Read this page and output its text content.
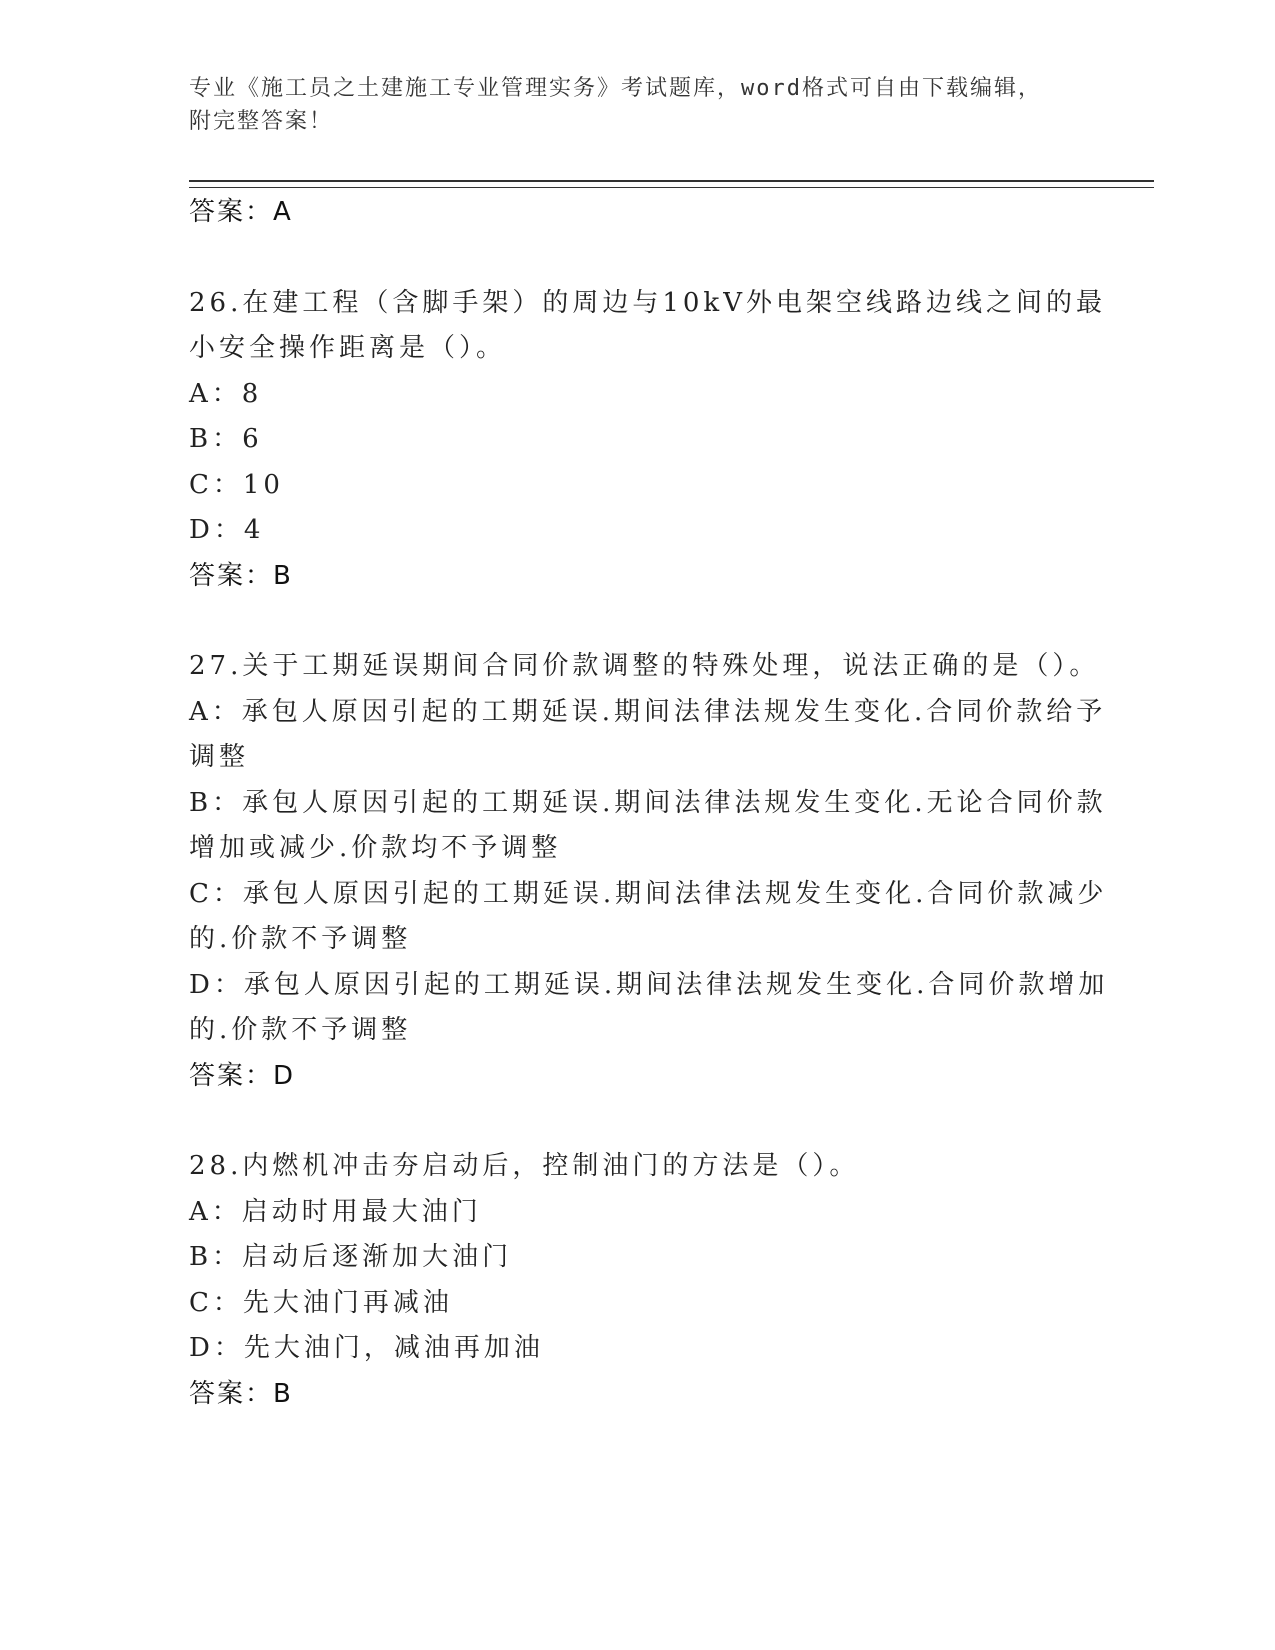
专业《施工员之土建施工专业管理实务》考试题库，word格式可自由下载编辑，
附完整答案！
答案：A
26.在建工程（含脚手架）的周边与10kV外电架空线路边线之间的最
小安全操作距离是（）。
A：8
B：6
C：10
D：4
答案：B
27.关于工期延误期间合同价款调整的特殊处理，说法正确的是（）。
A：承包人原因引起的工期延误.期间法律法规发生变化.合同价款给予
调整
B：承包人原因引起的工期延误.期间法律法规发生变化.无论合同价款
增加或减少.价款均不予调整
C：承包人原因引起的工期延误.期间法律法规发生变化.合同价款减少
的.价款不予调整
D：承包人原因引起的工期延误.期间法律法规发生变化.合同价款增加
的.价款不予调整
答案：D
28.内燃机冲击夯启动后，控制油门的方法是（）。
A：启动时用最大油门
B：启动后逐渐加大油门
C：先大油门再减油
D：先大油门，减油再加油
答案：B
